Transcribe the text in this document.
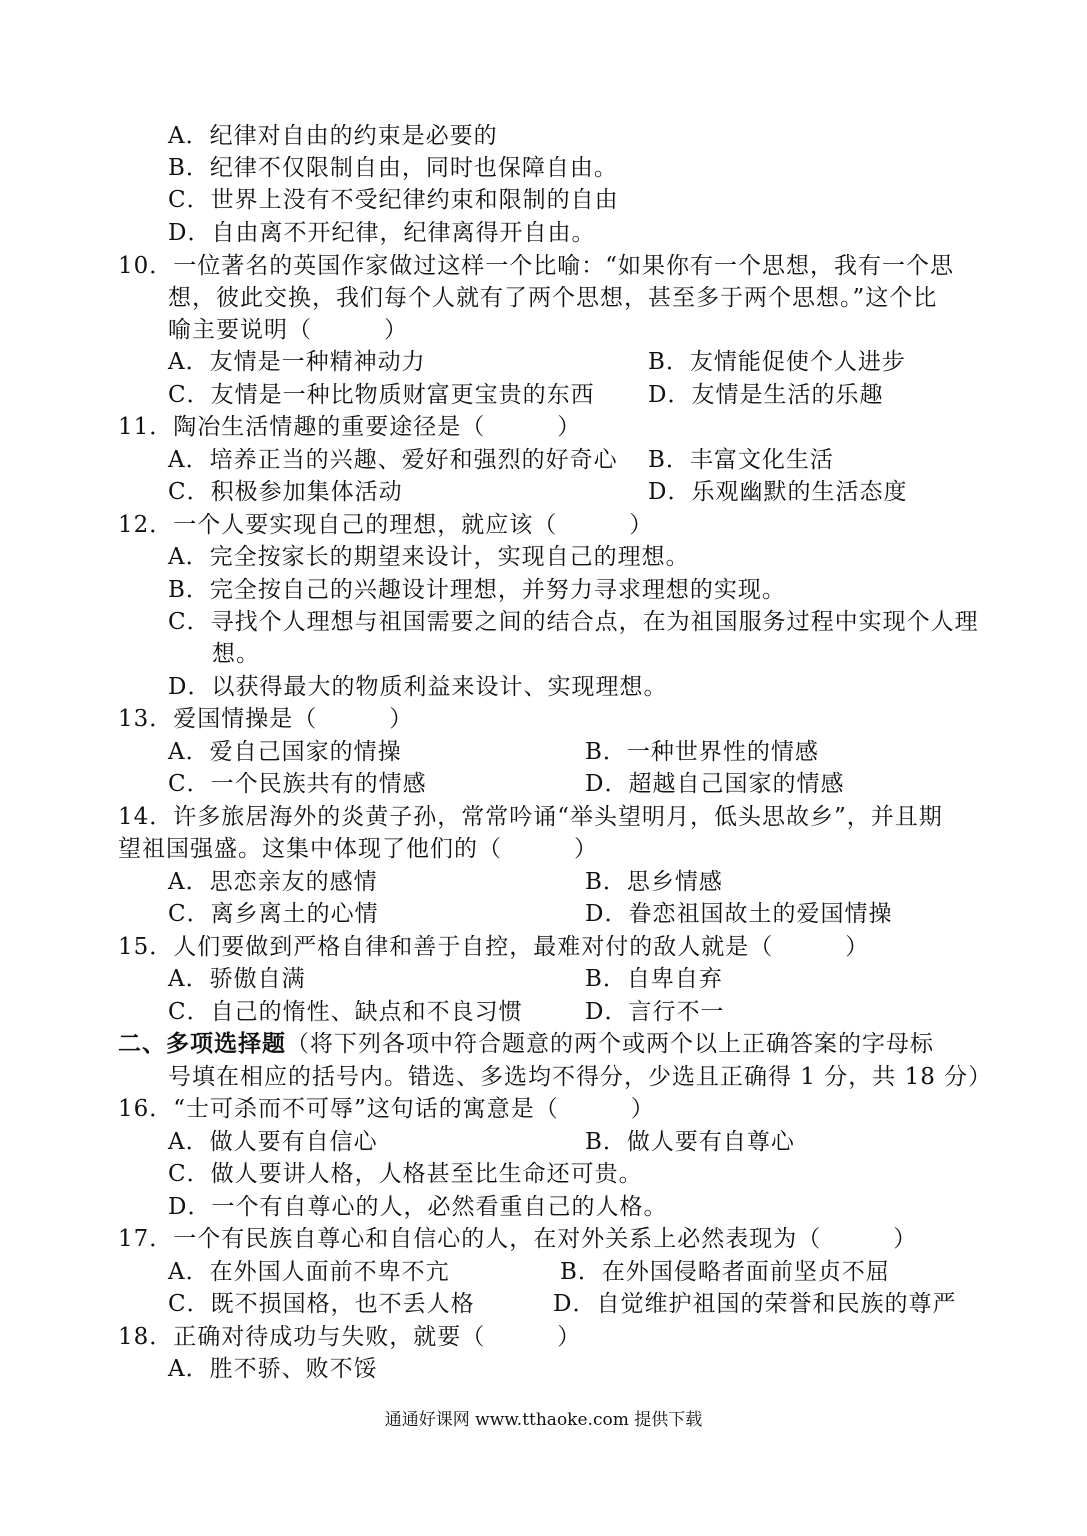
A．纪律对自由的约束是必要的
B．纪律不仅限制自由，同时也保障自由。
C．世界上没有不受纪律约束和限制的自由
D．自由离不开纪律，纪律离得开自由。
10．一位著名的英国作家做过这样一个比喻：“如果你有一个思想，我有一个思
想，彼此交换，我们每个人就有了两个思想，甚至多于两个思想。”这个比
喻主要说明（　　　）
A．友情是一种精神动力	B．友情能促使个人进步
C．友情是一种比物质财富更宝贵的东西 D．友情是生活的乐趣
11．陶冶生活情趣的重要途径是（　　　）
A．培养正当的兴趣、爱好和强烈的好奇心 B．丰富文化生活
C．积极参加集体活动	D．乐观幽默的生活态度
12．一个人要实现自己的理想，就应该（　　　）
A．完全按家长的期望来设计，实现自己的理想。
B．完全按自己的兴趣设计理想，并努力寻求理想的实现。
C．寻找个人理想与祖国需要之间的结合点，在为祖国服务过程中实现个人理
想。
D．以获得最大的物质利益来设计、实现理想。
13．爱国情操是（　　　）
A．爱自己国家的情操	B．一种世界性的情感
C．一个民族共有的情感	D．超越自己国家的情感
14．许多旅居海外的炎黄子孙，常常吟诵“举头望明月，低头思故乡”，并且期
望祖国强盛。这集中体现了他们的（　　　）
A．思恋亲友的感情	B．思乡情感
C．离乡离土的心情	D．眷恋祖国故土的爱国情操
15．人们要做到严格自律和善于自控，最难对付的敌人就是（　　　）
A．骄傲自满	B．自卑自弃
C．自己的惰性、缺点和不良习惯	D．言行不一
二、多项选择题（将下列各项中符合题意的两个或两个以上正确答案的字母标
号填在相应的括号内。错选、多选均不得分，少选且正确得 1 分，共 18 分）
16．“士可杀而不可辱”这句话的寓意是（　　　）
A．做人要有自信心	B．做人要有自尊心
C．做人要讲人格，人格甚至比生命还可贵。
D．一个有自尊心的人，必然看重自己的人格。
17．一个有民族自尊心和自信心的人，在对外关系上必然表现为（　　　）
A．在外国人面前不卑不亢	B．在外国侵略者面前坚贞不屈
C．既不损国格，也不丢人格	D．自觉维护祖国的荣誉和民族的尊严
18．正确对待成功与失败，就要（　　　）
A．胜不骄、败不馁
通通好课网 www.tthaoke.com 提供下载
